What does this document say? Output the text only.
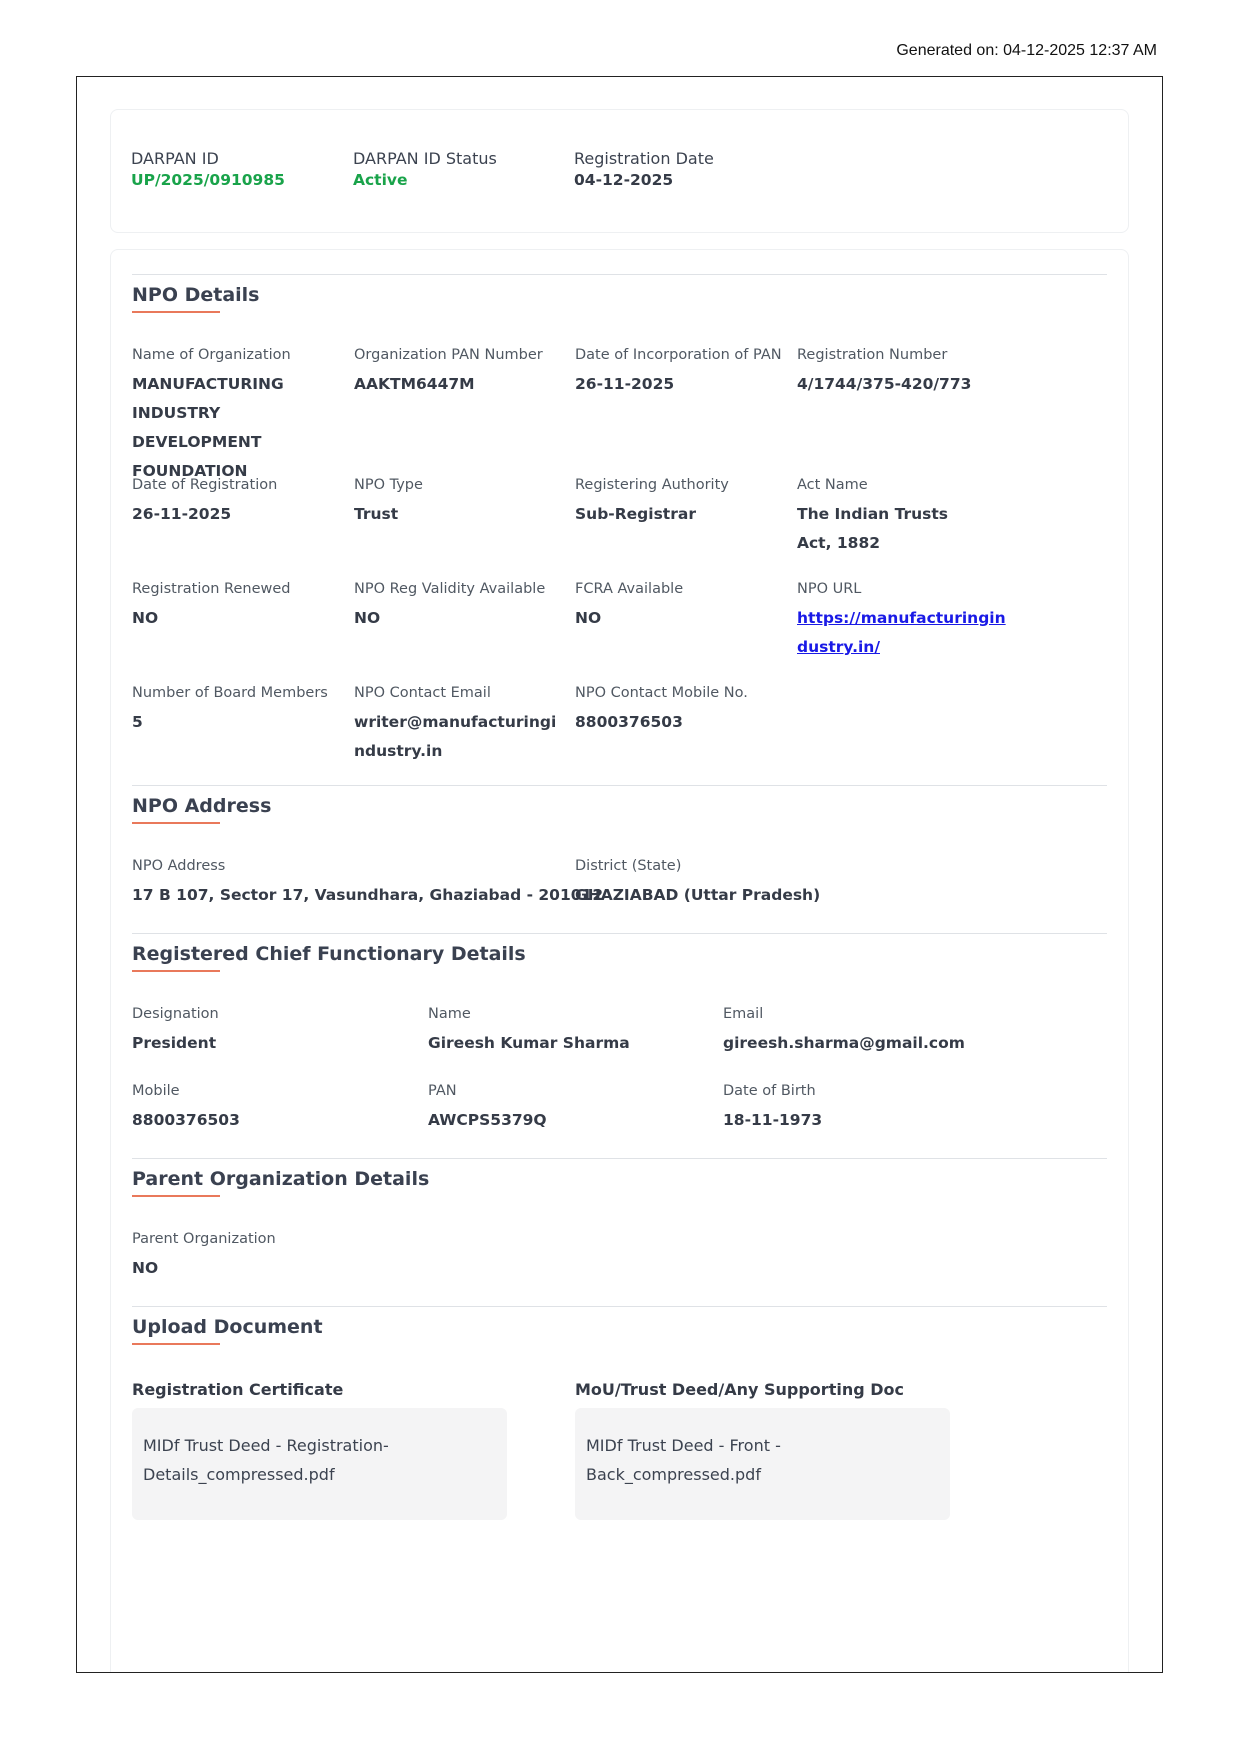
Generated on: 04-12-2025 12:37 AM
DARPAN ID
UP/2025/0910985
DARPAN ID Status
Active
Registration Date
04-12-2025
NPO Details
Name of Organization
MANUFACTURING INDUSTRY DEVELOPMENT FOUNDATION
Organization PAN Number
AAKTM6447M
Date of Incorporation of PAN
26-11-2025
Registration Number
4/1744/375-420/773
Date of Registration
26-11-2025
NPO Type
Trust
Registering Authority
Sub-Registrar
Act Name
The Indian Trusts Act, 1882
Registration Renewed
NO
NPO Reg Validity Available
NO
FCRA Available
NO
NPO URL
https://manufacturingindustry.in/
Number of Board Members
5
NPO Contact Email
writer@manufacturingindustry.in
NPO Contact Mobile No.
8800376503
NPO Address
NPO Address
17 B 107, Sector 17, Vasundhara, Ghaziabad - 201012
District (State)
GHAZIABAD (Uttar Pradesh)
Registered Chief Functionary Details
Designation
President
Name
Gireesh Kumar Sharma
Email
gireesh.sharma@gmail.com
Mobile
8800376503
PAN
AWCPS5379Q
Date of Birth
18-11-1973
Parent Organization Details
Parent Organization
NO
Upload Document
Registration Certificate
MIDf Trust Deed - Registration-
Details_compressed.pdf
MoU/Trust Deed/Any Supporting Doc
MIDf Trust Deed - Front -
Back_compressed.pdf
